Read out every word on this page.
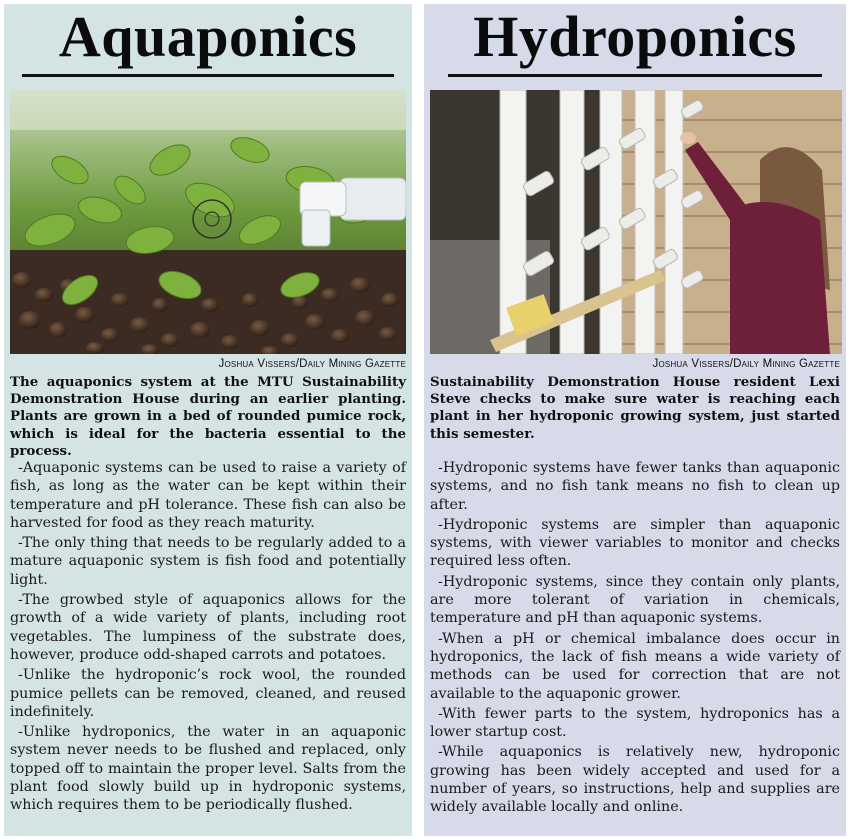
Aquaponics
Joshua Vissers/Daily Mining Gazette
The aquaponics system at the MTU Sustainability Demonstration House during an earlier planting. Plants are grown in a bed of rounded pumice rock, which is ideal for the bacteria essential to the process.

-Aquaponic systems can be used to raise a variety of fish, as long as the water can be kept within their temperature and pH tolerance. These fish can also be harvested for food as they reach maturity.

-The only thing that needs to be regularly added to a mature aquaponic system is fish food and potentially light.

-The growbed style of aquaponics allows for the growth of a wide variety of plants, including root vegetables. The lumpiness of the substrate does, however, produce odd-shaped carrots and potatoes.

-Unlike the hydroponic’s rock wool, the rounded pumice pellets can be removed, cleaned, and reused indefinitely.

-Unlike hydroponics, the water in an aquaponic system never needs to be flushed and replaced, only topped off to maintain the proper level. Salts from the plant food slowly build up in hydroponic systems, which requires them to be periodically flushed.

Hydroponics
Joshua Vissers/Daily Mining Gazette
Sustainability Demonstration House resident Lexi Steve checks to make sure water is reaching each plant in her hydroponic growing system, just started this semester.

-Hydroponic systems have fewer tanks than aquaponic systems, and no fish tank means no fish to clean up after.

-Hydroponic systems are simpler than aquaponic systems, with viewer variables to monitor and checks required less often.

-Hydroponic systems, since they contain only plants, are more tolerant of variation in chemicals, temperature and pH than aquaponic systems.

-When a pH or chemical imbalance does occur in hydroponics, the lack of fish means a wide variety of methods can be used for correction that are not available to the aquaponic grower.

-With fewer parts to the system, hydroponics has a lower startup cost.

-While aquaponics is relatively new, hydroponic growing has been widely accepted and used for a number of years, so instructions, help and supplies are widely available locally and online.
